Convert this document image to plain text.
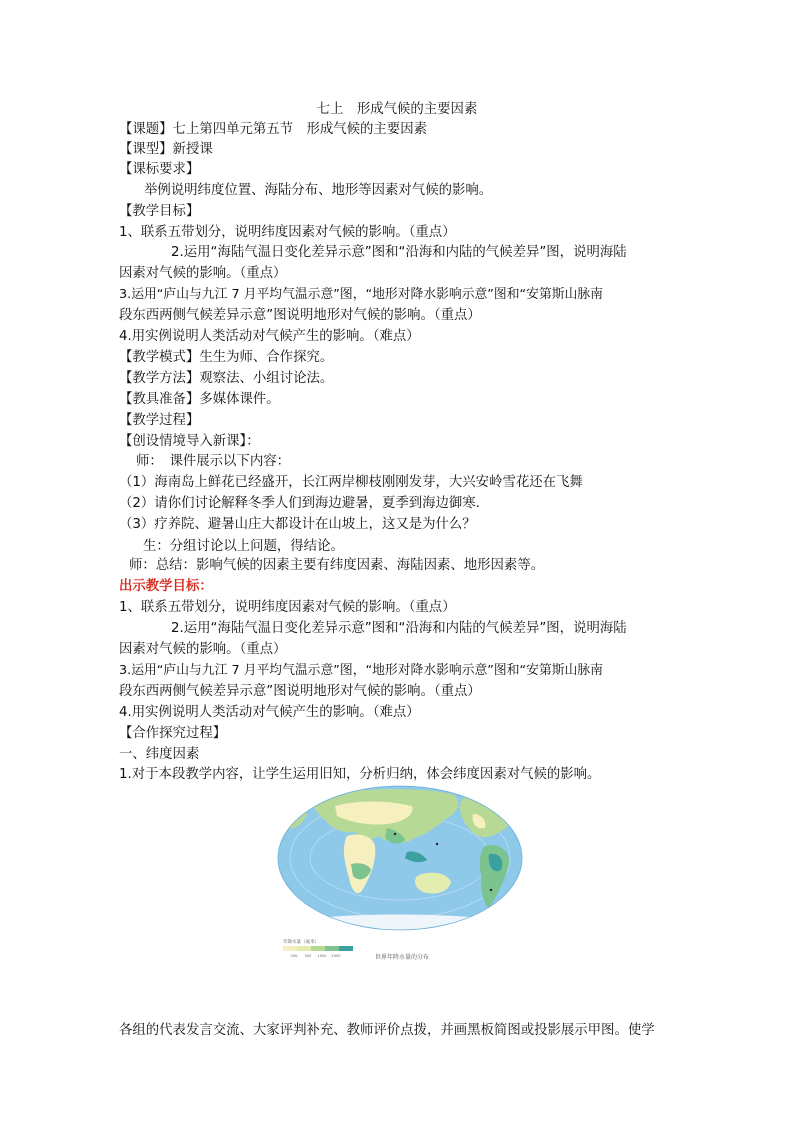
七上　形成气候的主要因素
【课题】七上第四单元第五节　形成气候的主要因素
【课型】新授课
【课标要求】
举例说明纬度位置、海陆分布、地形等因素对气候的影响。
【教学目标】
1、联系五带划分，说明纬度因素对气候的影响。（重点）
2.运用“海陆气温日变化差异示意”图和“沿海和内陆的气候差异”图，说明海陆
因素对气候的影响。（重点）
3.运用“庐山与九江 7 月平均气温示意”图，“地形对降水影响示意”图和“安第斯山脉南
段东西两侧气候差异示意”图说明地形对气候的影响。（重点）
4.用实例说明人类活动对气候产生的影响。（难点）
【教学模式】生生为师、合作探究。
【教学方法】观察法、小组讨论法。
【教具准备】多媒体课件。
【教学过程】
【创设情境导入新课】：
师：　课件展示以下内容：
（1）海南岛上鲜花已经盛开，长江两岸柳枝刚刚发芽，大兴安岭雪花还在飞舞
（2）请你们讨论解释冬季人们到海边避暑，夏季到海边御寒.
（3）疗养院、避暑山庄大都设计在山坡上，这又是为什么？
生：分组讨论以上问题，得结论。
师：总结：影响气候的因素主要有纬度因素、海陆因素、地形因素等。
出示教学目标：
1、联系五带划分，说明纬度因素对气候的影响。（重点）
2.运用“海陆气温日变化差异示意”图和“沿海和内陆的气候差异”图，说明海陆
因素对气候的影响。（重点）
3.运用“庐山与九江 7 月平均气温示意”图，“地形对降水影响示意”图和“安第斯山脉南
段东西两侧气候差异示意”图说明地形对气候的影响。（重点）
4.用实例说明人类活动对气候产生的影响。（难点）
【合作探究过程】
一、纬度因素
1.对于本段教学内容，让学生运用旧知，分析归纳，体会纬度因素对气候的影响。
年降水量（毫米）
200 500 1000 2000	世界年降水量的分布
各组的代表发言交流、大家评判补充、教师评价点拨，并画黑板简图或投影展示甲图。使学
